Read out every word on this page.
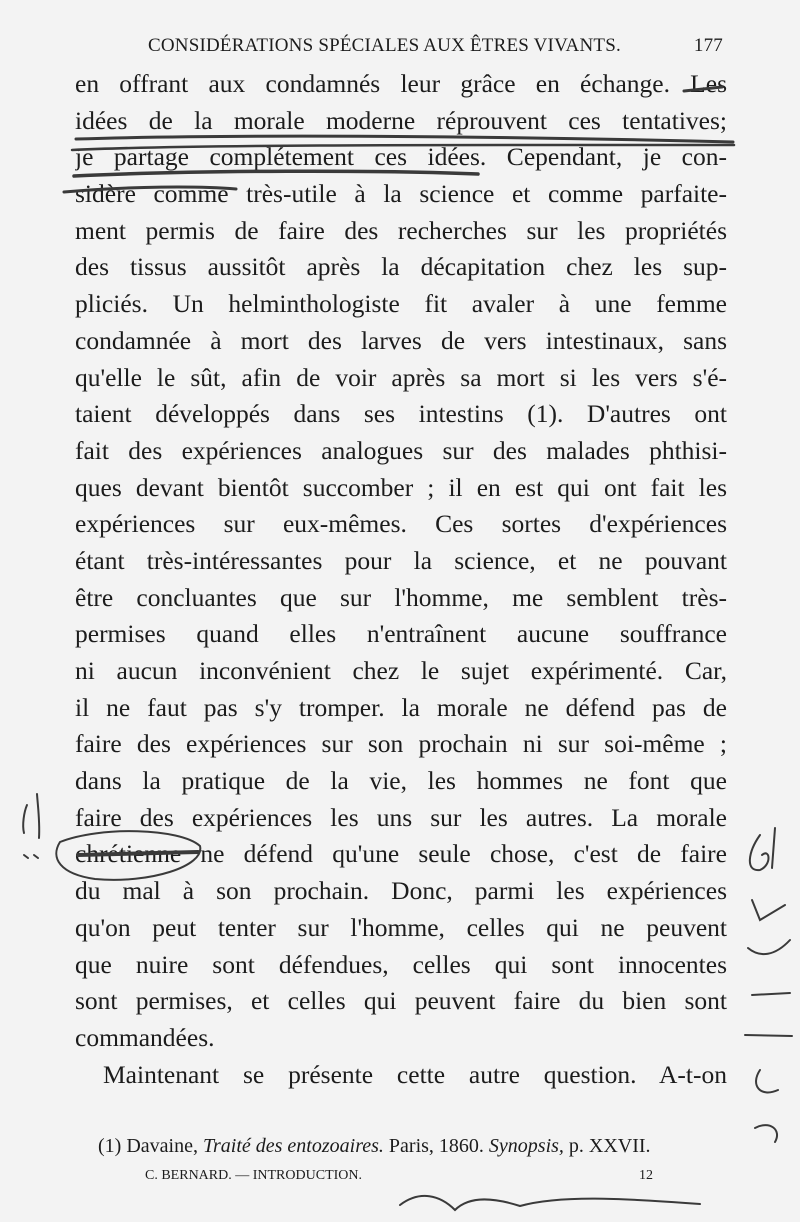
CONSIDÉRATIONS SPÉCIALES AUX ÊTRES VIVANTS.	177
en offrant aux condamnés leur grâce en échange. Les
idées de la morale moderne réprouvent ces tentatives;
je partage complétement ces idées. Cependant, je con-
sidère comme très-utile à la science et comme parfaite-
ment permis de faire des recherches sur les propriétés
des tissus aussitôt après la décapitation chez les sup-
pliciés. Un helminthologiste fit avaler à une femme
condamnée à mort des larves de vers intestinaux, sans
qu'elle le sût, afin de voir après sa mort si les vers s'é-
taient développés dans ses intestins (1). D'autres ont
fait des expériences analogues sur des malades phthisi-
ques devant bientôt succomber ; il en est qui ont fait les
expériences sur eux-mêmes. Ces sortes d'expériences
étant très-intéressantes pour la science, et ne pouvant
être concluantes que sur l'homme, me semblent très-
permises quand elles n'entraînent aucune souffrance
ni aucun inconvénient chez le sujet expérimenté. Car,
il ne faut pas s'y tromper. la morale ne défend pas de
faire des expériences sur son prochain ni sur soi-même ;
dans la pratique de la vie, les hommes ne font que
faire des expériences les uns sur les autres. La morale
chrétienne ne défend qu'une seule chose, c'est de faire
du mal à son prochain. Donc, parmi les expériences
qu'on peut tenter sur l'homme, celles qui ne peuvent
que nuire sont défendues, celles qui sont innocentes
sont permises, et celles qui peuvent faire du bien sont
commandées.
Maintenant se présente cette autre question. A-t-on
(1) Davaine, Traité des entozoaires. Paris, 1860. Synopsis, p. XXVII.
C. BERNARD. — INTRODUCTION.	12
